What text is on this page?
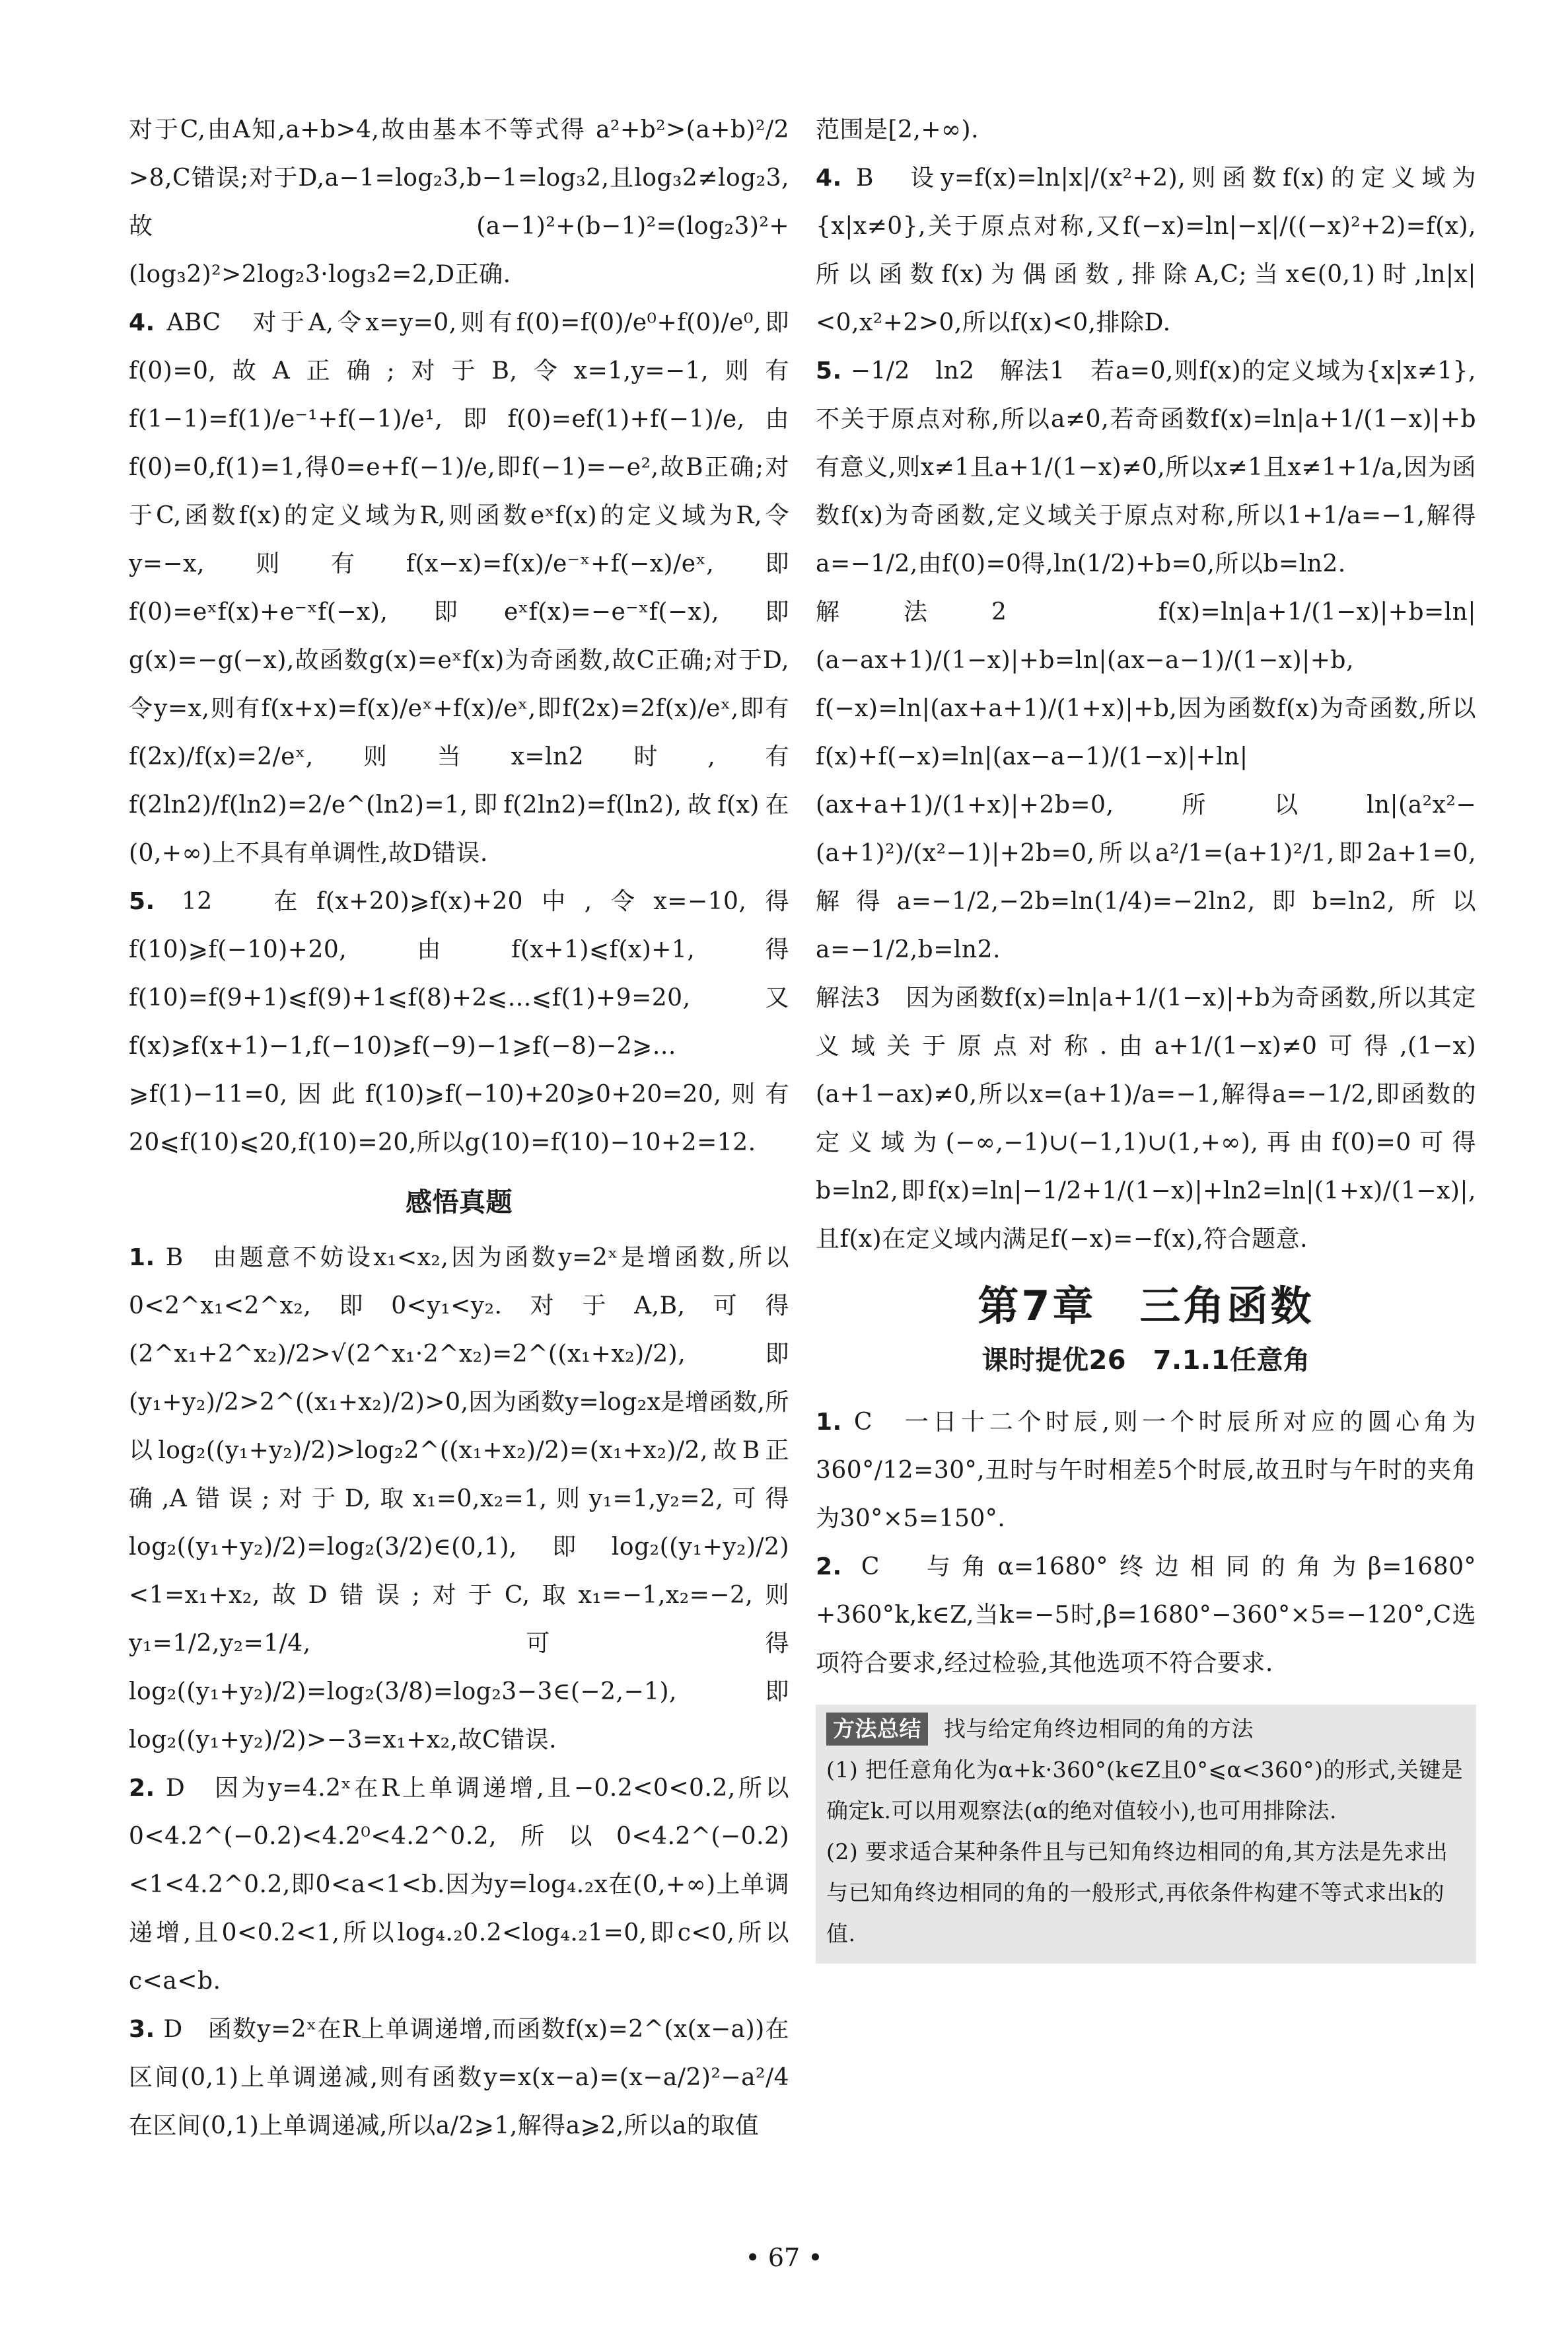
对于C,由A知,a+b>4,故由基本不等式得 a²+b²>(a+b)²/2 >8,C错误;对于D,a−1=log₂3,b−1=log₃2,且log₃2≠log₂3,故(a−1)²+(b−1)²=(log₂3)²+(log₃2)²>2log₂3·log₃2=2,D正确.

4. ABC　对于A,令x=y=0,则有f(0)=f(0)/e⁰+f(0)/e⁰,即f(0)=0,故A正确;对于B,令x=1,y=−1,则有f(1−1)=f(1)/e⁻¹+f(−1)/e¹,即f(0)=ef(1)+f(−1)/e,由f(0)=0,f(1)=1,得0=e+f(−1)/e,即f(−1)=−e²,故B正确;对于C,函数f(x)的定义域为R,则函数eˣf(x)的定义域为R,令y=−x,则有f(x−x)=f(x)/e⁻ˣ+f(−x)/eˣ,即f(0)=eˣf(x)+e⁻ˣf(−x),即eˣf(x)=−e⁻ˣf(−x),即g(x)=−g(−x),故函数g(x)=eˣf(x)为奇函数,故C正确;对于D,令y=x,则有f(x+x)=f(x)/eˣ+f(x)/eˣ,即f(2x)=2f(x)/eˣ,即有f(2x)/f(x)=2/eˣ,则当x=ln2时,有f(2ln2)/f(ln2)=2/e^(ln2)=1,即f(2ln2)=f(ln2),故f(x)在(0,+∞)上不具有单调性,故D错误.

5. 12　在f(x+20)⩾f(x)+20中,令x=−10,得f(10)⩾f(−10)+20,由f(x+1)⩽f(x)+1,得f(10)=f(9+1)⩽f(9)+1⩽f(8)+2⩽…⩽f(1)+9=20,又f(x)⩾f(x+1)−1,f(−10)⩾f(−9)−1⩾f(−8)−2⩾…⩾f(1)−11=0,因此f(10)⩾f(−10)+20⩾0+20=20,则有20⩽f(10)⩽20,f(10)=20,所以g(10)=f(10)−10+2=12.

感悟真题

1. B　由题意不妨设x₁<x₂,因为函数y=2ˣ是增函数,所以0<2^x₁<2^x₂,即0<y₁<y₂.对于A,B,可得(2^x₁+2^x₂)/2>√(2^x₁·2^x₂)=2^((x₁+x₂)/2),即(y₁+y₂)/2>2^((x₁+x₂)/2)>0,因为函数y=log₂x是增函数,所以log₂((y₁+y₂)/2)>log₂2^((x₁+x₂)/2)=(x₁+x₂)/2,故B正确,A错误;对于D,取x₁=0,x₂=1,则y₁=1,y₂=2,可得log₂((y₁+y₂)/2)=log₂(3/2)∈(0,1),即log₂((y₁+y₂)/2)<1=x₁+x₂,故D错误;对于C,取x₁=−1,x₂=−2,则y₁=1/2,y₂=1/4,可得log₂((y₁+y₂)/2)=log₂(3/8)=log₂3−3∈(−2,−1),即log₂((y₁+y₂)/2)>−3=x₁+x₂,故C错误.

2. D　因为y=4.2ˣ在R上单调递增,且−0.2<0<0.2,所以0<4.2^(−0.2)<4.2⁰<4.2^0.2,所以0<4.2^(−0.2)<1<4.2^0.2,即0<a<1<b.因为y=log₄.₂x在(0,+∞)上单调递增,且0<0.2<1,所以log₄.₂0.2<log₄.₂1=0,即c<0,所以c<a<b.

3. D　函数y=2ˣ在R上单调递增,而函数f(x)=2^(x(x−a))在区间(0,1)上单调递减,则有函数y=x(x−a)=(x−a/2)²−a²/4在区间(0,1)上单调递减,所以a/2⩾1,解得a⩾2,所以a的取值

范围是[2,+∞).

4. B　设y=f(x)=ln|x|/(x²+2),则函数f(x)的定义域为{x|x≠0},关于原点对称,又f(−x)=ln|−x|/((−x)²+2)=f(x),所以函数f(x)为偶函数,排除A,C;当x∈(0,1)时,ln|x|<0,x²+2>0,所以f(x)<0,排除D.

5. −1/2　ln2　解法1　若a=0,则f(x)的定义域为{x|x≠1},不关于原点对称,所以a≠0,若奇函数f(x)=ln|a+1/(1−x)|+b有意义,则x≠1且a+1/(1−x)≠0,所以x≠1且x≠1+1/a,因为函数f(x)为奇函数,定义域关于原点对称,所以1+1/a=−1,解得a=−1/2,由f(0)=0得,ln(1/2)+b=0,所以b=ln2.

解法2　f(x)=ln|a+1/(1−x)|+b=ln|(a−ax+1)/(1−x)|+b=ln|(ax−a−1)/(1−x)|+b,

f(−x)=ln|(ax+a+1)/(1+x)|+b,因为函数f(x)为奇函数,所以f(x)+f(−x)=ln|(ax−a−1)/(1−x)|+ln|(ax+a+1)/(1+x)|+2b=0,所以ln|(a²x²−(a+1)²)/(x²−1)|+2b=0,所以a²/1=(a+1)²/1,即2a+1=0,解得a=−1/2,−2b=ln(1/4)=−2ln2,即b=ln2,所以a=−1/2,b=ln2.

解法3　因为函数f(x)=ln|a+1/(1−x)|+b为奇函数,所以其定义域关于原点对称.由a+1/(1−x)≠0可得,(1−x)(a+1−ax)≠0,所以x=(a+1)/a=−1,解得a=−1/2,即函数的定义域为(−∞,−1)∪(−1,1)∪(1,+∞),再由f(0)=0可得b=ln2,即f(x)=ln|−1/2+1/(1−x)|+ln2=ln|(1+x)/(1−x)|,且f(x)在定义域内满足f(−x)=−f(x),符合题意.

第7章　三角函数
课时提优26　7.1.1任意角

1. C　一日十二个时辰,则一个时辰所对应的圆心角为360°/12=30°,丑时与午时相差5个时辰,故丑时与午时的夹角为30°×5=150°.

2. C　与角α=1680°终边相同的角为β=1680°+360°k,k∈Z,当k=−5时,β=1680°−360°×5=−120°,C选项符合要求,经过检验,其他选项不符合要求.

方法总结	找与给定角终边相同的角的方法
(1) 把任意角化为α+k·360°(k∈Z且0°⩽α<360°)的形式,关键是确定k.可以用观察法(α的绝对值较小),也可用排除法.
(2) 要求适合某种条件且与已知角终边相同的角,其方法是先求出与已知角终边相同的角的一般形式,再依条件构建不等式求出k的值.
• 67 •
